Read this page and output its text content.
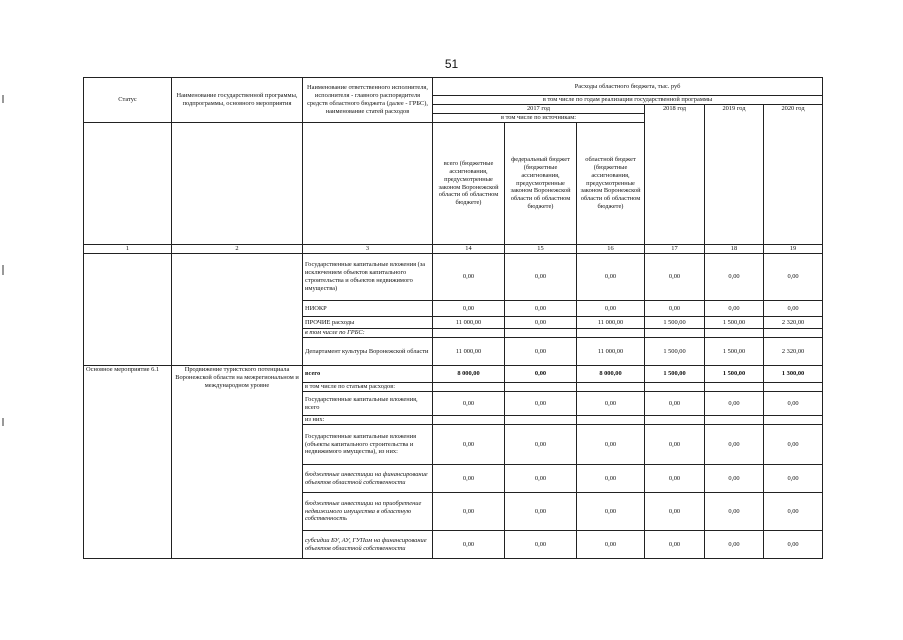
51
Статус	Наименование государственной программы, подпрограммы, основного мероприятия	Наименование ответственного исполнителя, исполнителя - главного распорядителя средств областного бюджета (далее - ГРБС), наименование статей расходов	Расходы областного бюджета, тыс. руб					
			в том числе по годам реализации государственной программы					
			2017 год			2018 год	2019 год	2020 год
			в том числе по источникам:					
			всего (бюджетные ассигнования, предусмотренные законом Воронежской области об областном бюджете)	федеральный бюджет (бюджетные ассигнования, предусмотренные законом Воронежской области об областном бюджете)	областной бюджет (бюджетные ассигнования, предусмотренные законом Воронежской области об областном бюджете)			
1	2	3	14	15	16	17	18	19
		Государственные капитальные вложения (за исключением объектов капитального строительства и объектов недвижимого имущества)	0,00	0,00	0,00	0,00	0,00	0,00
		НИОКР	0,00	0,00	0,00	0,00	0,00	0,00
		ПРОЧИЕ расходы	11 000,00	0,00	11 000,00	1 500,00	1 500,00	2 320,00
		в том числе по ГРБС:						
		Департамент культуры Воронежской области	11 000,00	0,00	11 000,00	1 500,00	1 500,00	2 320,00
Основное мероприятие 6.1	Продвижение туристского потенциала Воронежской области на межрегиональном и международном уровне	всего	8 000,00	0,00	8 000,00	1 500,00	1 500,00	1 300,00
		в том числе по статьям расходов:						
		Государственные капитальные вложения, всего	0,00	0,00	0,00	0,00	0,00	0,00
		из них:						
		Государственные капитальные вложения (объекты капитального строительства и недвижимого имущества), из них:	0,00	0,00	0,00	0,00	0,00	0,00
		бюджетные инвестиции на финансирование объектов областной собственности	0,00	0,00	0,00	0,00	0,00	0,00
		бюджетные инвестиции на приобретение недвижимого имущества в областную собственность	0,00	0,00	0,00	0,00	0,00	0,00
		субсидии БУ, АУ, ГУПам на финансирование объектов областной собственности	0,00	0,00	0,00	0,00	0,00	0,00
